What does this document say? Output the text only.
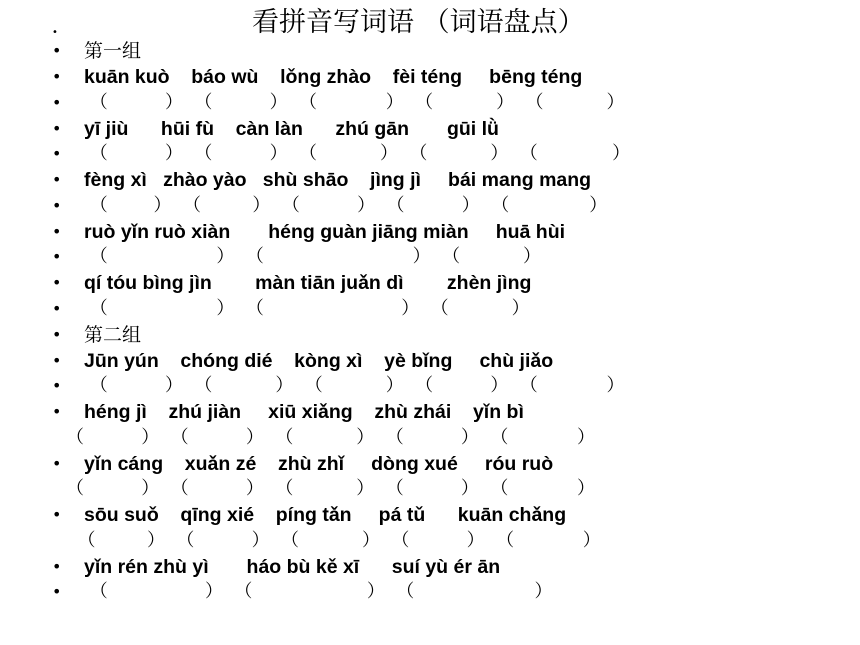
看拼音写词语 （词语盘点）
•
• 第一组
• kuān kuò    báo wù    lǒng zhào    fèi téng     bēng téng
• （          ）  （          ）  （            ）  （           ）  （           ）
• yī jiù      hūi fù    càn làn      zhú gān       gūi lǜ
• （          ）  （          ）  （           ）  （           ）  （             ）
• fèng xì   zhào yào   shù shāo    jìng jì     bái mang mang
• （        ）  （         ）  （          ）  （          ）  （              ）
• ruò yǐn ruò xiàn       héng guàn jiāng miàn     huā hùi
• （                   ）  （                          ）  （           ）
• qí tóu bìng jìn        màn tiān juǎn dì        zhèn jìng
• （                   ）  （                        ）  （           ）
• 第二组
• Jūn yún    chóng dié    kòng xì    yè bǐng     chù jiǎo
• （          ）  （           ）  （           ）  （          ）  （            ）
• héng jì    zhú jiàn     xiū xiǎng    zhù zhái    yǐn bì
（          ）  （          ）  （           ）  （          ）  （            ）
• yǐn cáng    xuǎn zé    zhù zhǐ     dòng xué     róu ruò
（          ）  （          ）  （           ）  （          ）  （            ）
• sōu suǒ    qīng xié    píng tǎn     pá tǔ      kuān chǎng
（         ）  （          ）  （           ）  （          ）  （            ）
• yǐn rén zhù yì       háo bù kě xī      suí yù ér ān
• （                 ）  （                    ）  （                     ）
